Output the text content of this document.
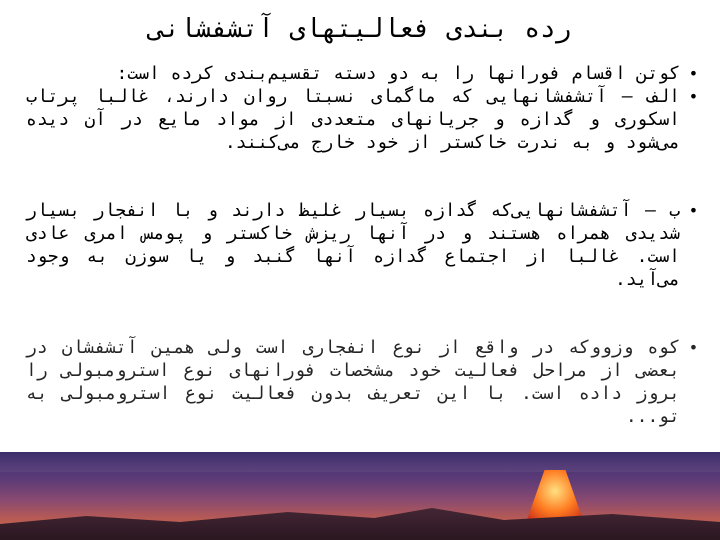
رده بندی فعالیتهای آتشفشانی

•
کوتن اقسام فورانها را به دو دسته تقسیم‌بندی کرده است:

•
الف – آتشفشانهایی که ماگمای نسبتا روان دارند، غالبا پرتاب اسکوری و گدازه و جریانهای متعددی از مواد مایع در آن دیده می‌شود و به ندرت خاکستر از خود خارج می‌کنند.

•
ب – آتشفشانهایی‌که گدازه بسیار غلیظ دارند و با انفجار بسیار شدیدی همراه هستند و در آنها ریزش خاکستر و پومس امری عادی است. غالبا از اجتماع گدازه آنها گنبد و یا سوزن به وجود می‌آید.

•
کوه وزووکه در واقع از نوع انفجاری است ولی همین آتشفشان در بعضی از مراحل فعالیت خود مشخصات فورانهای نوع استرومبولی را بروز داده است. با این تعریف بدون فعالیت نوع استرومبولی به تو...
